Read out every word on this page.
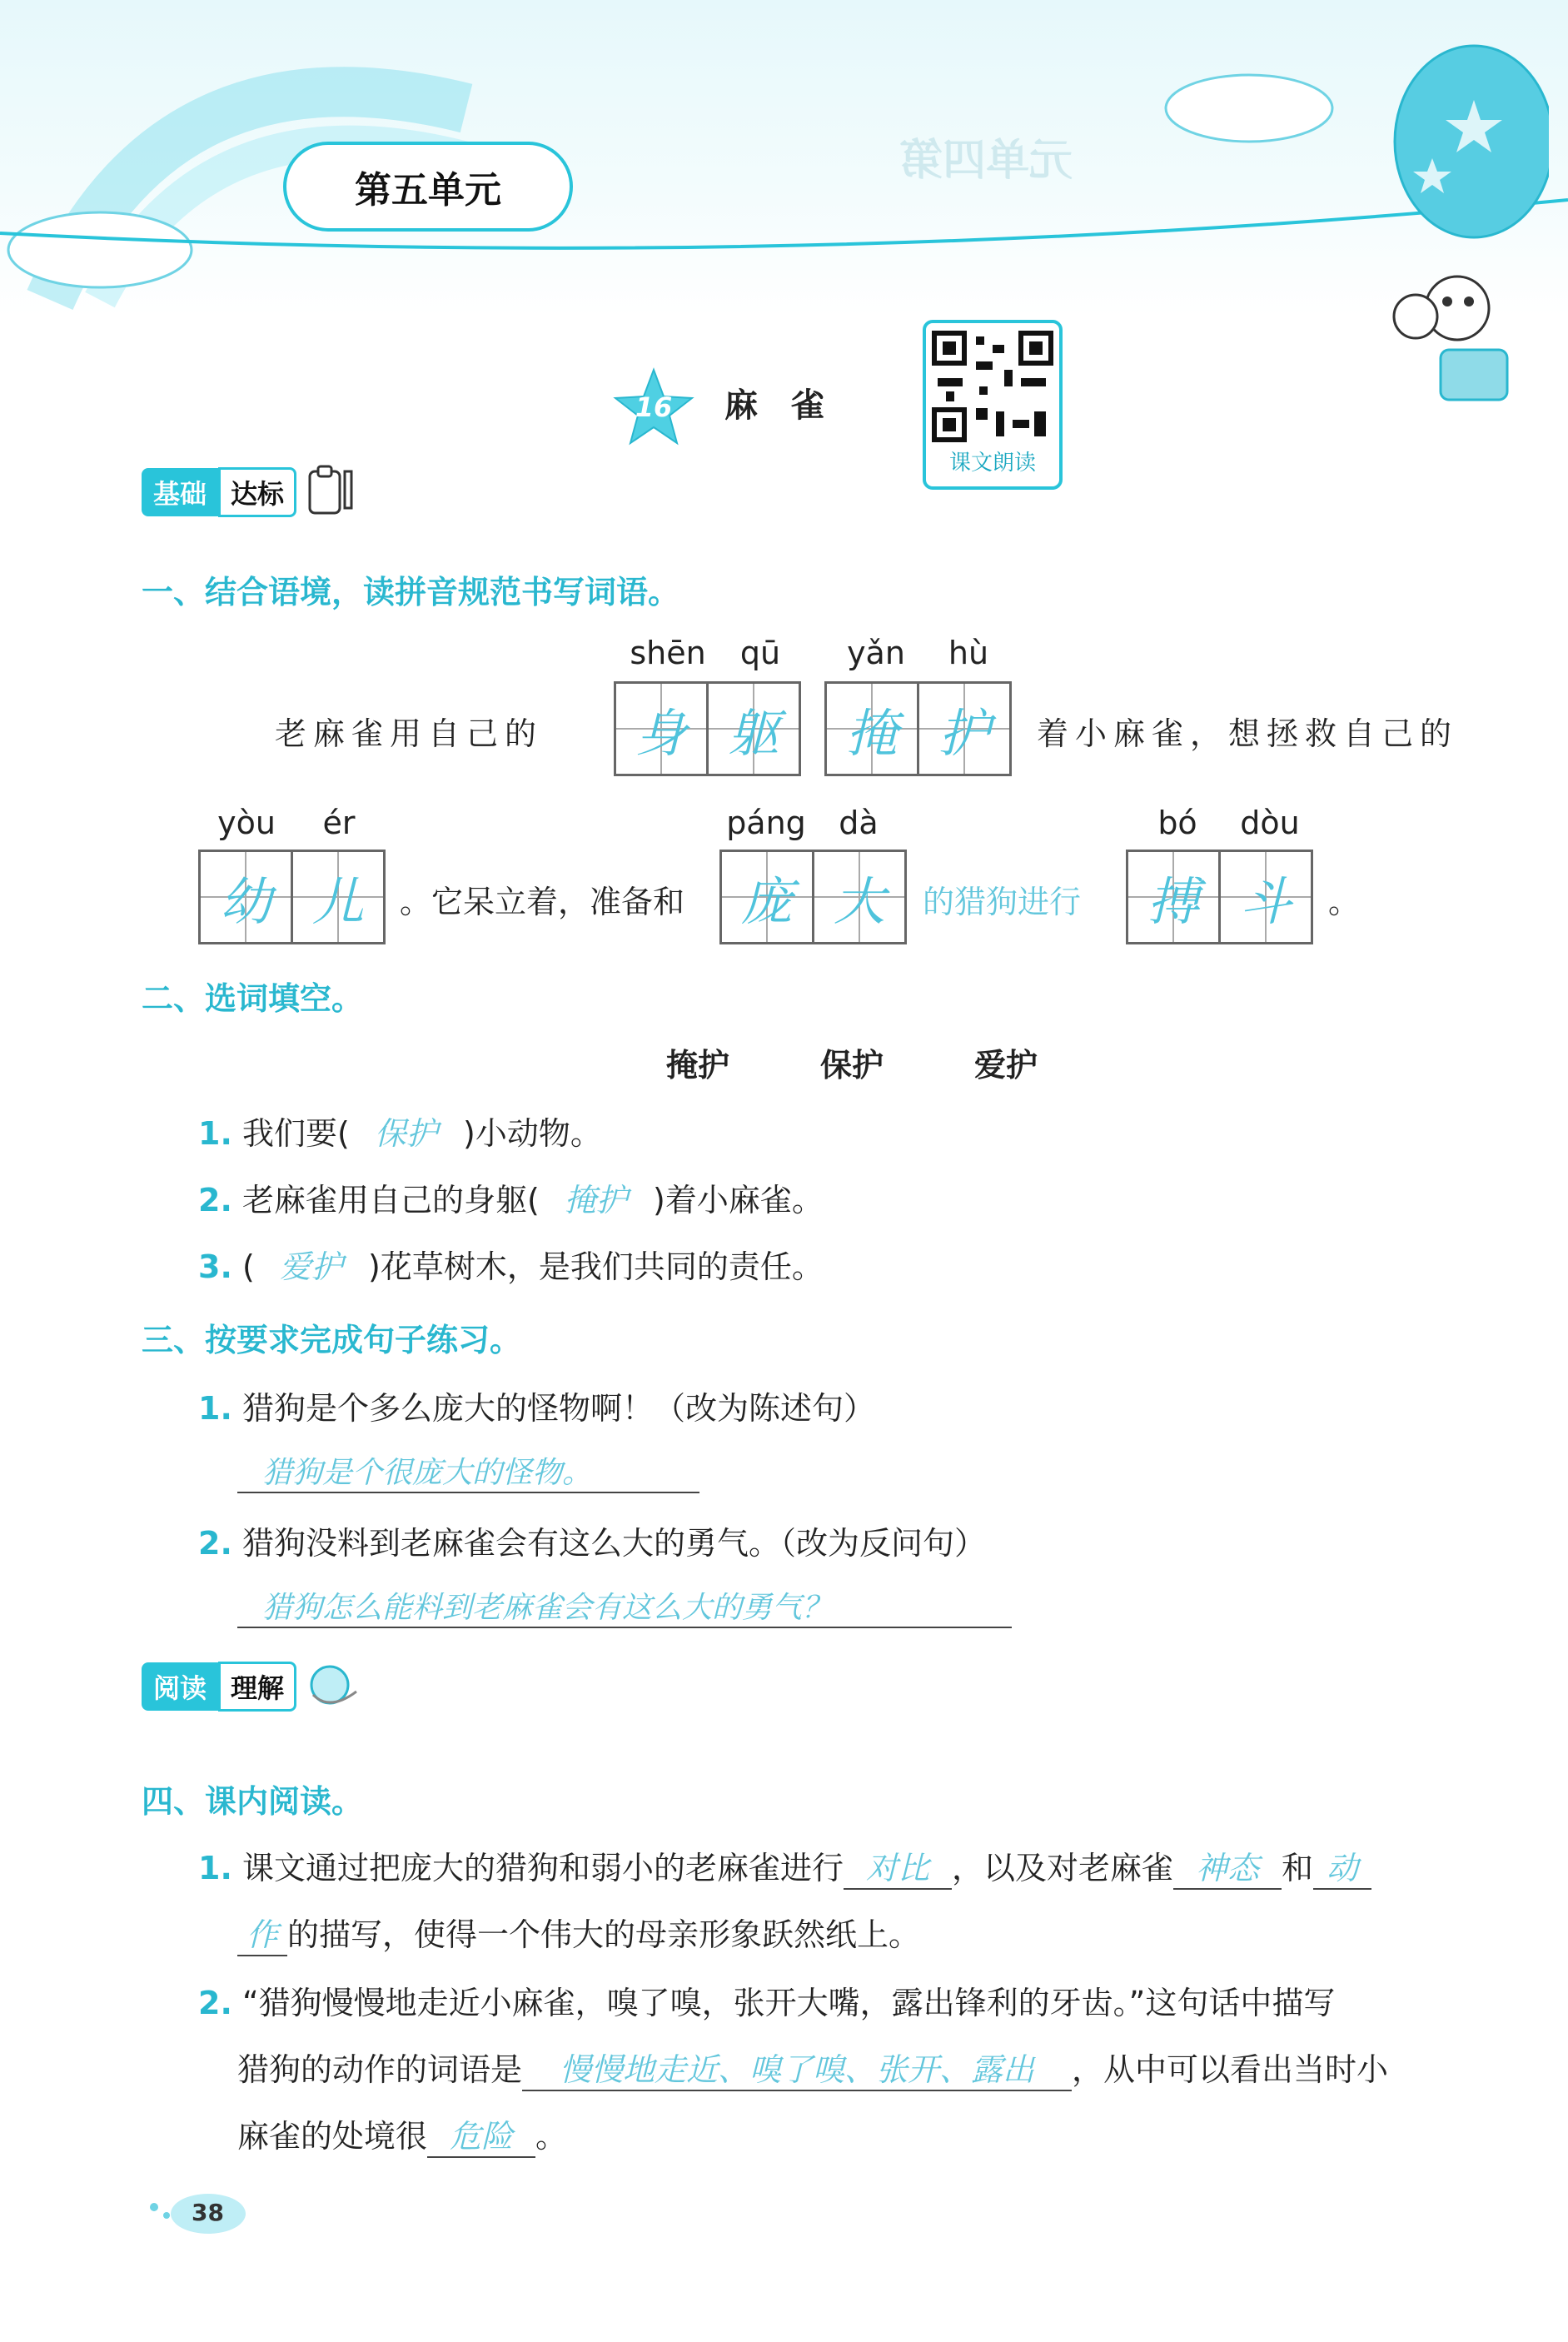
第五单元
元单四第
16	麻雀
课文朗读
基础 达标
一、结合语境，读拼音规范书写词语。
shēn	qū	yǎn	hù
老麻雀用自己的 身 躯 掩 护 着小麻雀，想拯救自己的
yòu	ér	páng	dà	bó	dòu
幼 儿 。它呆立着，准备和 庞 大 的猎狗进行 搏 斗 。
二、选词填空。
掩护	保护	爱护
1. 我们要( 保护 )小动物。
2. 老麻雀用自己的身躯( 掩护 )着小麻雀。
3. ( 爱护 )花草树木，是我们共同的责任。
三、按要求完成句子练习。
1. 猎狗是个多么庞大的怪物啊！（改为陈述句）
猎狗是个很庞大的怪物。
2. 猎狗没料到老麻雀会有这么大的勇气。（改为反问句）
猎狗怎么能料到老麻雀会有这么大的勇气？
阅读 理解
四、课内阅读。
1. 课文通过把庞大的猎狗和弱小的老麻雀进行 对比 ，以及对老麻雀 神态 和 动
作 的描写，使得一个伟大的母亲形象跃然纸上。
2. “猎狗慢慢地走近小麻雀，嗅了嗅，张开大嘴，露出锋利的牙齿。”这句话中描写
猎狗的动作的词语是 慢慢地走近、嗅了嗅、张开、露出 ，从中可以看出当时小
麻雀的处境很 危险 。
38
